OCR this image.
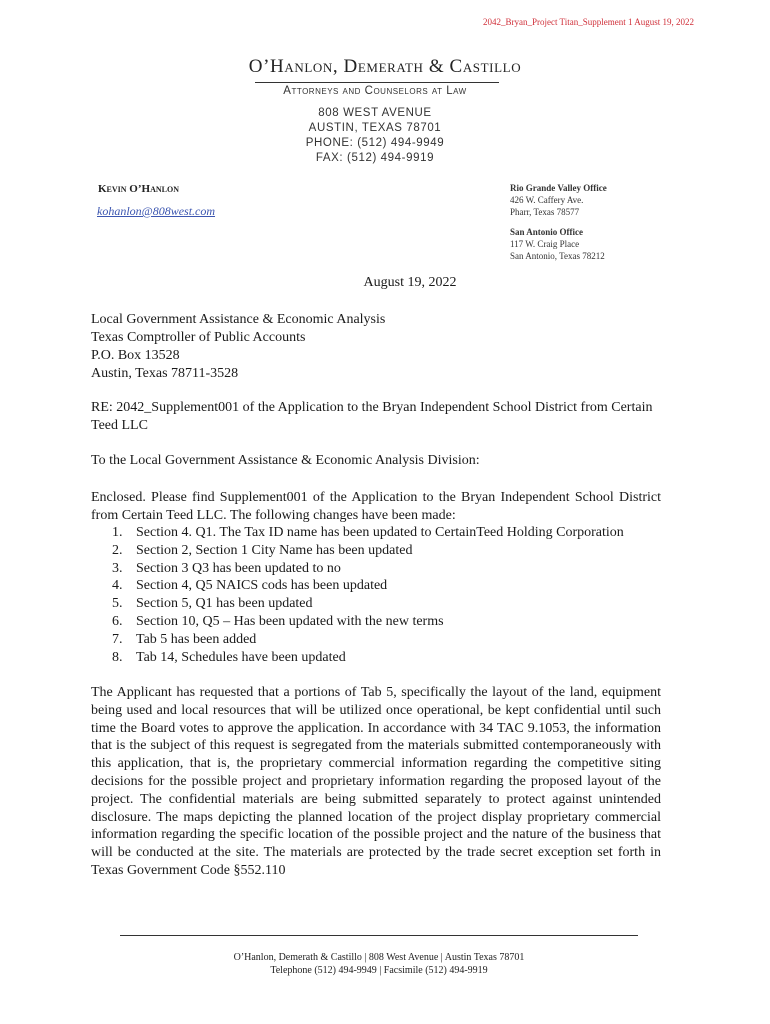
2042_Bryan_Project Titan_Supplement 1 August 19, 2022
O’Hanlon, Demerath & Castillo
Attorneys and Counselors at Law
808 WEST AVENUE
AUSTIN, TEXAS 78701
PHONE: (512) 494-9949
FAX: (512) 494-9919
Kevin O’Hanlon
kohanlon@808west.com
Rio Grande Valley Office
426 W. Caffery Ave.
Pharr, Texas 78577
San Antonio Office
117 W. Craig Place
San Antonio, Texas 78212
August 19, 2022
Local Government Assistance & Economic Analysis
Texas Comptroller of Public Accounts
P.O. Box 13528
Austin, Texas 78711-3528
RE: 2042_Supplement001 of the Application to the Bryan Independent School District from Certain Teed LLC
To the Local Government Assistance & Economic Analysis Division:
Enclosed. Please find Supplement001 of the Application to the Bryan Independent School District from Certain Teed LLC. The following changes have been made:
1. Section 4. Q1. The Tax ID name has been updated to CertainTeed Holding Corporation
2. Section 2, Section 1 City Name has been updated
3. Section 3 Q3 has been updated to no
4. Section 4, Q5 NAICS cods has been updated
5. Section 5, Q1 has been updated
6. Section 10, Q5 – Has been updated with the new terms
7. Tab 5 has been added
8. Tab 14, Schedules have been updated
The Applicant has requested that a portions of Tab 5, specifically the layout of the land, equipment being used and local resources that will be utilized once operational, be kept confidential until such time the Board votes to approve the application. In accordance with 34 TAC 9.1053, the information that is the subject of this request is segregated from the materials submitted contemporaneously with this application, that is, the proprietary commercial information regarding the competitive siting decisions for the possible project and proprietary information regarding the proposed layout of the project. The confidential materials are being submitted separately to protect against unintended disclosure. The maps depicting the planned location of the project display proprietary commercial information regarding the specific location of the possible project and the nature of the business that will be conducted at the site. The materials are protected by the trade secret exception set forth in Texas Government Code §552.110
O’Hanlon, Demerath & Castillo | 808 West Avenue | Austin Texas 78701
Telephone (512) 494-9949 | Facsimile (512) 494-9919
